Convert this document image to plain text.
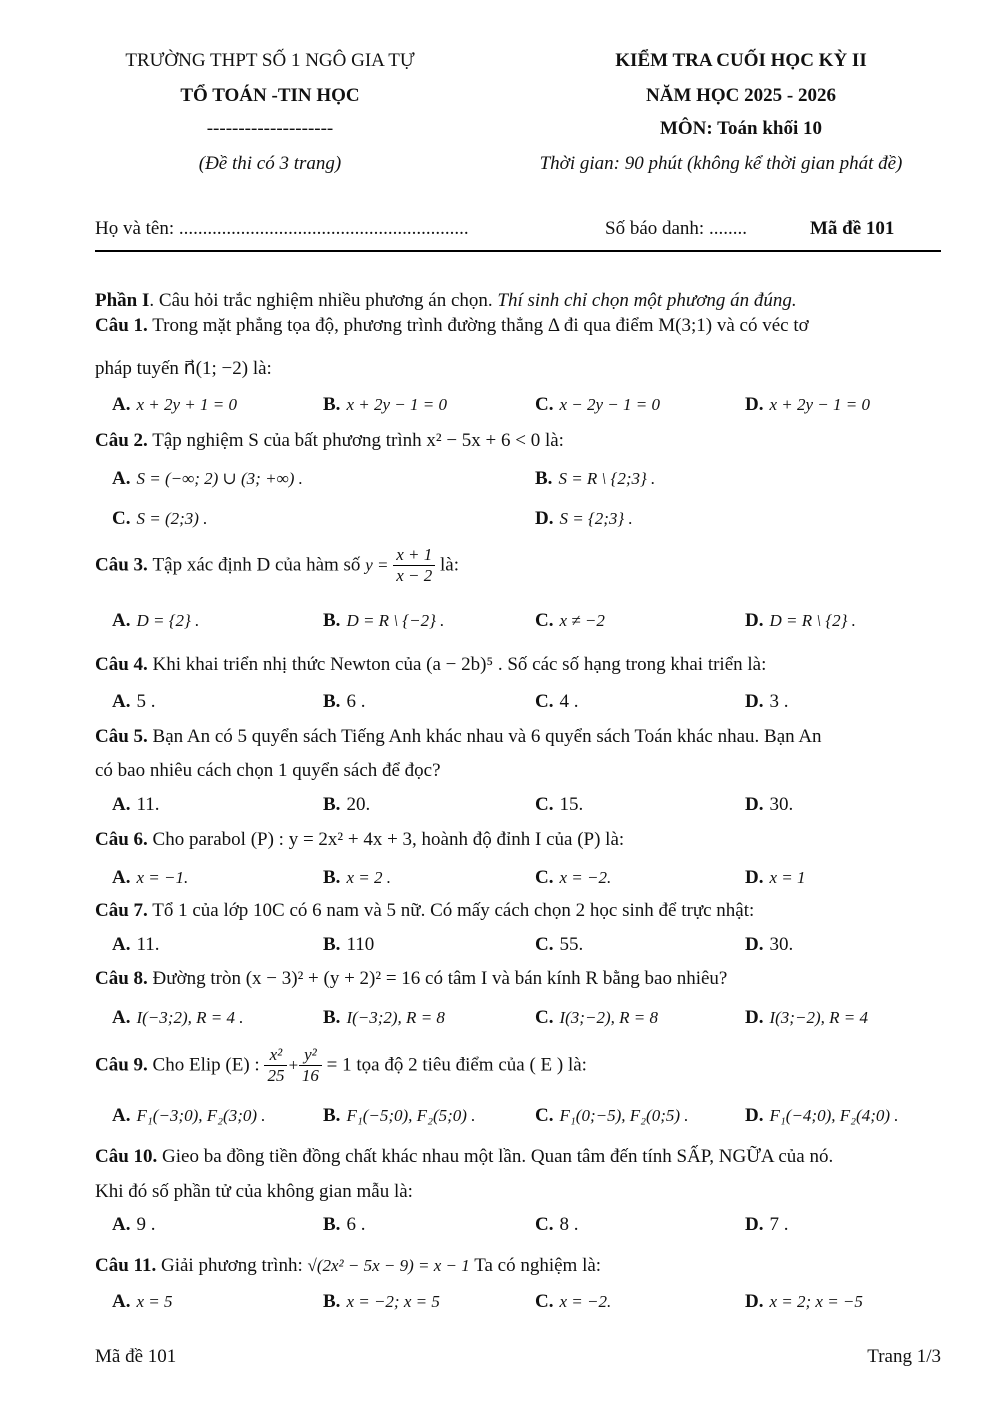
TRƯỜNG THPT SỐ 1 NGÔ GIA TỰ
TỔ TOÁN -TIN HỌC
--------------------
(Đề thi có 3 trang)
KIỂM TRA CUỐI HỌC KỲ II
NĂM HỌC 2025 - 2026
MÔN: Toán khối 10
Thời gian: 90 phút (không kể thời gian phát đề)
Họ và tên: .............................................................	Số báo danh: ........	Mã đề 101
Phần I. Câu hỏi trắc nghiệm nhiều phương án chọn. Thí sinh chỉ chọn một phương án đúng.
Câu 1. Trong mặt phẳng tọa độ, phương trình đường thẳng Δ đi qua điểm M(3;1) và có véc tơ
pháp tuyến n⃗(1; −2) là:
A. x + 2y + 1 = 0	B. x + 2y − 1 = 0	C. x − 2y − 1 = 0	D. x + 2y − 1 = 0
Câu 2. Tập nghiệm S của bất phương trình x² − 5x + 6 < 0 là:
A. S = (−∞; 2) ∪ (3; +∞) .	B. S = R \ {2;3} .
C. S = (2;3) .	D. S = {2;3} .
Câu 3. Tập xác định D của hàm số $y = \frac{x + 1}{x - 2}$ là:
A. D = {2} .	B. D = R \ {−2} .	C. x ≠ −2	D. D = R \ {2} .
Câu 4. Khi khai triển nhị thức Newton của (a − 2b)⁵ . Số các số hạng trong khai triển là:
A. 5 .	B. 6 .	C. 4 .	D. 3 .
Câu 5. Bạn An có 5 quyển sách Tiếng Anh khác nhau và 6 quyển sách Toán khác nhau. Bạn An
có bao nhiêu cách chọn 1 quyển sách để đọc?
A. 11.	B. 20.	C. 15.	D. 30.
Câu 6. Cho parabol (P) : y = 2x² + 4x + 3, hoành độ đỉnh I của (P) là:
A. x = −1.	B. x = 2 .	C. x = −2.	D. x = 1
Câu 7. Tổ 1 của lớp 10C có 6 nam và 5 nữ. Có mấy cách chọn 2 học sinh để trực nhật:
A. 11.	B. 110	C. 55.	D. 30.
Câu 8. Đường tròn (x − 3)² + (y + 2)² = 16 có tâm I và bán kính R bằng bao nhiêu?
A. I(−3;2), R = 4 .	B. I(−3;2), R = 8	C. I(3;−2), R = 8	D. I(3;−2), R = 4
Câu 9. Cho Elip (E) : $\frac{\text{x²}}{25} + \frac{\text{y²}}{16} = 1$ tọa độ 2 tiêu điểm của ( E ) là:
A. F₁(−3;0), F₂(3;0) .	B. F₁(−5;0), F₂(5;0) .	C. F₁(0;−5), F₂(0;5) .	D. F₁(−4;0), F₂(4;0) .
Câu 10. Gieo ba đồng tiền đồng chất khác nhau một lần. Quan tâm đến tính SẤP, NGỮA của nó.
Khi đó số phần tử của không gian mẫu là:
A. 9 .	B. 6 .	C. 8 .	D. 7 .
Câu 11. Giải phương trình: √(2x² − 5x − 9) = x − 1 Ta có nghiệm là:
A. x = 5	B. x = −2; x = 5	C. x = −2.	D. x = 2; x = −5
Mã đề 101	Trang 1/3
